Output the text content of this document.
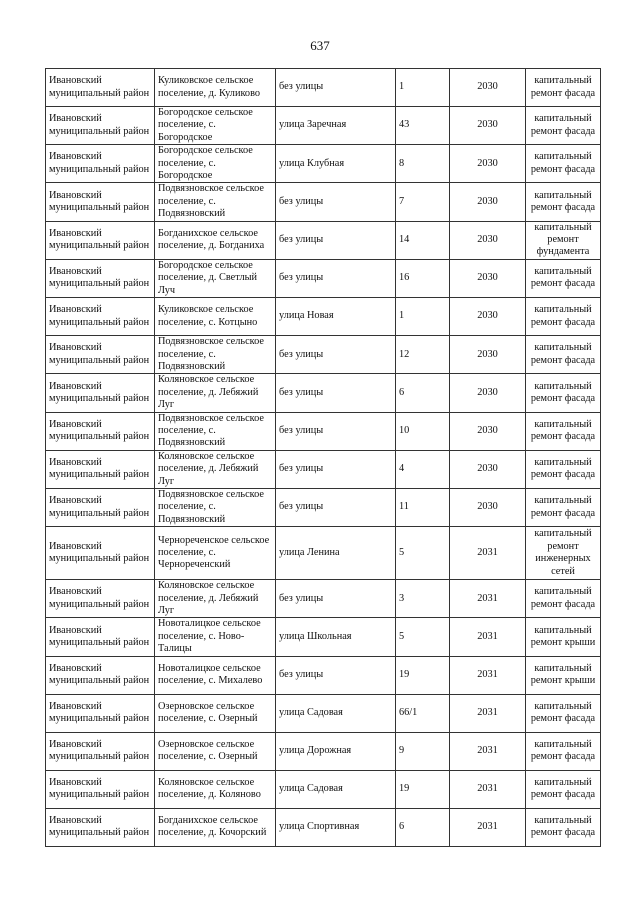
637
Ивановский муниципальный район	Куликовское сельское поселение, д. Куликово	без улицы	1	2030	капитальный ремонт фасада
Ивановский муниципальный район	Богородское сельское поселение, с. Богородское	улица Заречная	43	2030	капитальный ремонт фасада
Ивановский муниципальный район	Богородское сельское поселение, с. Богородское	улица Клубная	8	2030	капитальный ремонт фасада
Ивановский муниципальный район	Подвязновское сельское поселение, с. Подвязновский	без улицы	7	2030	капитальный ремонт фасада
Ивановский муниципальный район	Богданихское сельское поселение, д. Богданиха	без улицы	14	2030	капитальный ремонт фундамента
Ивановский муниципальный район	Богородское сельское поселение, д. Светлый Луч	без улицы	16	2030	капитальный ремонт фасада
Ивановский муниципальный район	Куликовское сельское поселение, с. Котцыно	улица Новая	1	2030	капитальный ремонт фасада
Ивановский муниципальный район	Подвязновское сельское поселение, с. Подвязновский	без улицы	12	2030	капитальный ремонт фасада
Ивановский муниципальный район	Коляновское сельское поселение, д. Лебяжий Луг	без улицы	6	2030	капитальный ремонт фасада
Ивановский муниципальный район	Подвязновское сельское поселение, с. Подвязновский	без улицы	10	2030	капитальный ремонт фасада
Ивановский муниципальный район	Коляновское сельское поселение, д. Лебяжий Луг	без улицы	4	2030	капитальный ремонт фасада
Ивановский муниципальный район	Подвязновское сельское поселение, с. Подвязновский	без улицы	11	2030	капитальный ремонт фасада
Ивановский муниципальный район	Чернореченское сельское поселение, с. Чернореченский	улица Ленина	5	2031	капитальный ремонт инженерных сетей
Ивановский муниципальный район	Коляновское сельское поселение, д. Лебяжий Луг	без улицы	3	2031	капитальный ремонт фасада
Ивановский муниципальный район	Новоталицкое сельское поселение, с. Ново-Талицы	улица Школьная	5	2031	капитальный ремонт крыши
Ивановский муниципальный район	Новоталицкое сельское поселение, с. Михалево	без улицы	19	2031	капитальный ремонт крыши
Ивановский муниципальный район	Озерновское сельское поселение, с. Озерный	улица Садовая	66/1	2031	капитальный ремонт фасада
Ивановский муниципальный район	Озерновское сельское поселение, с. Озерный	улица Дорожная	9	2031	капитальный ремонт фасада
Ивановский муниципальный район	Коляновское сельское поселение, д. Коляново	улица Садовая	19	2031	капитальный ремонт фасада
Ивановский муниципальный район	Богданихское сельское поселение, д. Кочорский	улица Спортивная	6	2031	капитальный ремонт фасада
